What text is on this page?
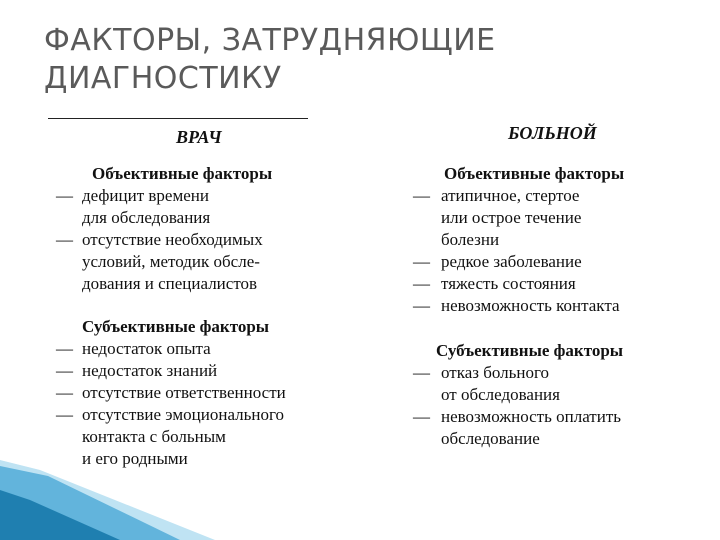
ФАКТОРЫ, ЗАТРУДНЯЮЩИЕ
ДИАГНОСТИКУ
ВРАЧ
Объективные факторы
— дефицит времени
для обследования
— отсутствие необходимых
условий, методик обсле-
дования и специалистов
Субъективные факторы
— недостаток опыта
— недостаток знаний
— отсутствие ответственности
— отсутствие эмоционального
контакта с больным
и его родными
БОЛЬНОЙ
Объективные факторы
— атипичное, стертое
или острое течение
болезни
— редкое заболевание
— тяжесть состояния
— невозможность контакта
Субъективные факторы
— отказ больного
от обследования
— невозможность оплатить
обследование
